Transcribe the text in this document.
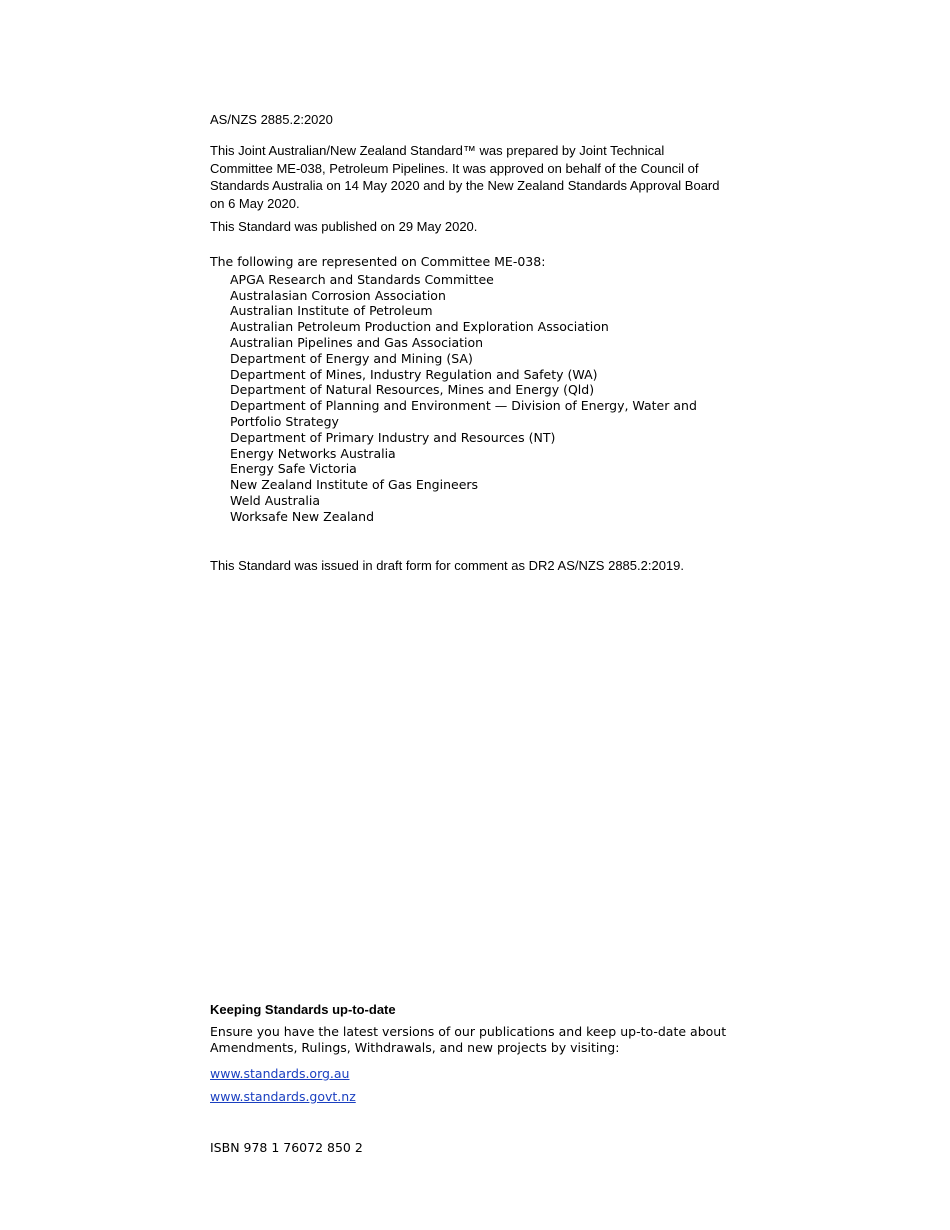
AS/NZS 2885.2:2020
This Joint Australian/New Zealand Standard™ was prepared by Joint Technical Committee ME-038, Petroleum Pipelines. It was approved on behalf of the Council of Standards Australia on 14 May 2020 and by the New Zealand Standards Approval Board on 6 May 2020.
This Standard was published on 29 May 2020.
The following are represented on Committee ME-038:
APGA Research and Standards Committee
Australasian Corrosion Association
Australian Institute of Petroleum
Australian Petroleum Production and Exploration Association
Australian Pipelines and Gas Association
Department of Energy and Mining (SA)
Department of Mines, Industry Regulation and Safety (WA)
Department of Natural Resources, Mines and Energy (Qld)
Department of Planning and Environment — Division of Energy, Water and Portfolio Strategy
Department of Primary Industry and Resources (NT)
Energy Networks Australia
Energy Safe Victoria
New Zealand Institute of Gas Engineers
Weld Australia
Worksafe New Zealand
This Standard was issued in draft form for comment as DR2 AS/NZS 2885.2:2019.
Keeping Standards up-to-date
Ensure you have the latest versions of our publications and keep up-to-date about Amendments, Rulings, Withdrawals, and new projects by visiting:
www.standards.org.au
www.standards.govt.nz
ISBN 978 1 76072 850 2
